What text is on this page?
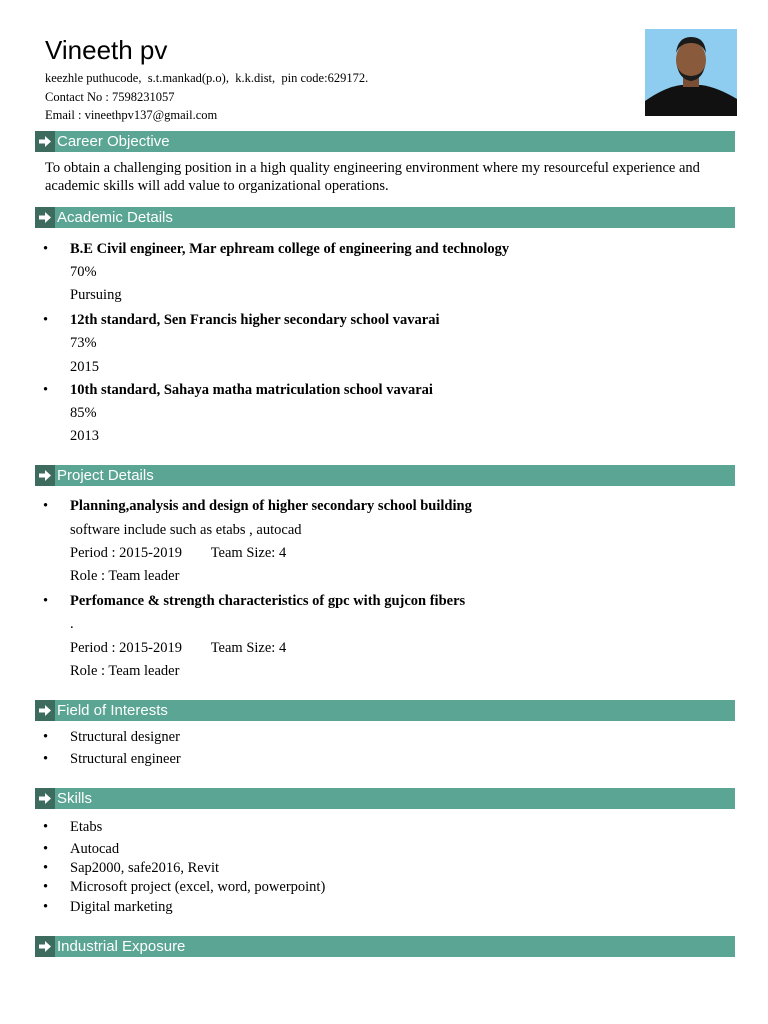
Vineeth pv
keezhle puthucode,  s.t.mankad(p.o),  k.k.dist,  pin code:629172.
Contact No : 7598231057
Email : vineethpv137@gmail.com
Career Objective
To obtain a challenging position in a high quality engineering environment where my resourceful experience and academic skills will add value to organizational operations.
Academic Details
• B.E Civil engineer, Mar ephream college of engineering and technology
70%
Pursuing
• 12th standard, Sen Francis higher secondary school vavarai
73%
2015
• 10th standard, Sahaya matha matriculation school vavarai
85%
2013
Project Details
• Planning,analysis and design of higher secondary school building
software include such as etabs , autocad
Period : 2015-2019        Team Size: 4
Role : Team leader
• Perfomance & strength characteristics of gpc with gujcon fibers
.
Period : 2015-2019        Team Size: 4
Role : Team leader
Field of Interests
• Structural designer
• Structural engineer
Skills
• Etabs
• Autocad
• Sap2000, safe2016, Revit
• Microsoft project (excel, word, powerpoint)
• Digital marketing
Industrial Exposure
